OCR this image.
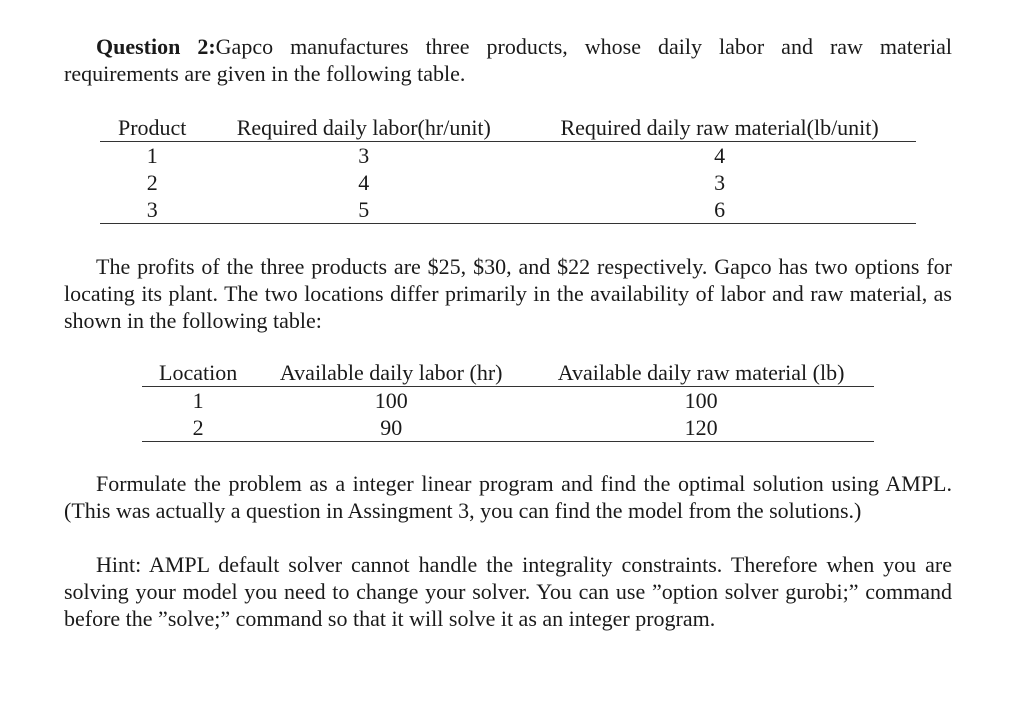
Question 2:Gapco manufactures three products, whose daily labor and raw material requirements are given in the following table.

Product	Required daily labor(hr/unit)	Required daily raw material(lb/unit)
1	3	4
2	4	3
3	5	6

The profits of the three products are $25, $30, and $22 respectively. Gapco has two options for locating its plant. The two locations differ primarily in the availability of labor and raw material, as shown in the following table:

Location	Available daily labor (hr)	Available daily raw material (lb)
1	100	100
2	90	120

Formulate the problem as a integer linear program and find the optimal solution using AMPL. (This was actually a question in Assingment 3, you can find the model from the solutions.)

Hint: AMPL default solver cannot handle the integrality constraints. Therefore when you are solving your model you need to change your solver. You can use ”option solver gurobi;” command before the ”solve;” command so that it will solve it as an integer program.
